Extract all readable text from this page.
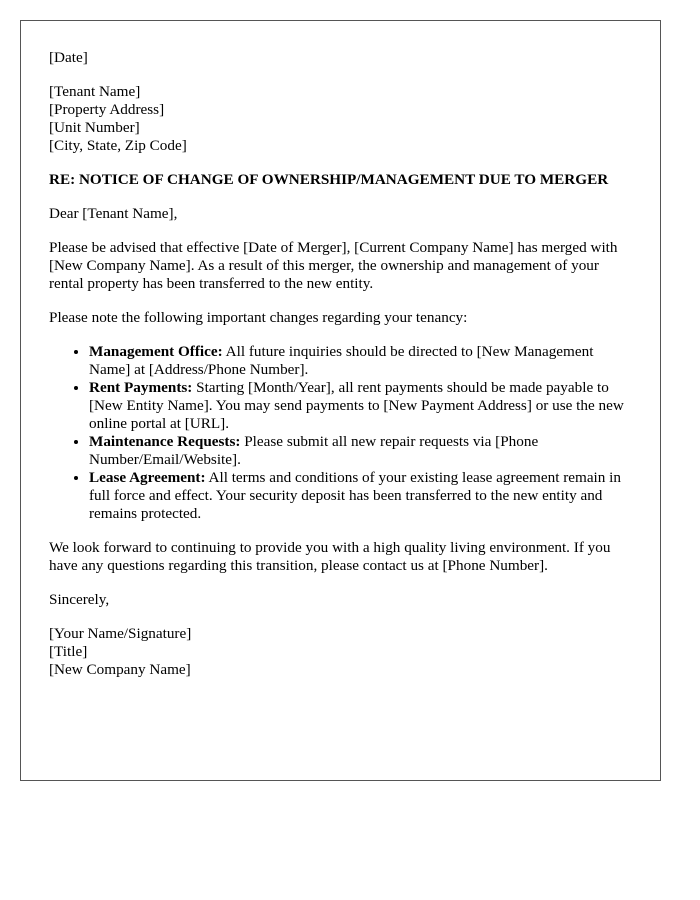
[Date]

[Tenant Name]
[Property Address]
[Unit Number]
[City, State, Zip Code]

RE: NOTICE OF CHANGE OF OWNERSHIP/MANAGEMENT DUE TO MERGER

Dear [Tenant Name],

Please be advised that effective [Date of Merger], [Current Company Name] has merged with [New Company Name]. As a result of this merger, the ownership and management of your rental property has been transferred to the new entity.

Please note the following important changes regarding your tenancy:

• Management Office: All future inquiries should be directed to [New Management Name] at [Address/Phone Number].
• Rent Payments: Starting [Month/Year], all rent payments should be made payable to [New Entity Name]. You may send payments to [New Payment Address] or use the new online portal at [URL].
• Maintenance Requests: Please submit all new repair requests via [Phone Number/Email/Website].
• Lease Agreement: All terms and conditions of your existing lease agreement remain in full force and effect. Your security deposit has been transferred to the new entity and remains protected.

We look forward to continuing to provide you with a high quality living environment. If you have any questions regarding this transition, please contact us at [Phone Number].

Sincerely,

[Your Name/Signature]
[Title]
[New Company Name]
